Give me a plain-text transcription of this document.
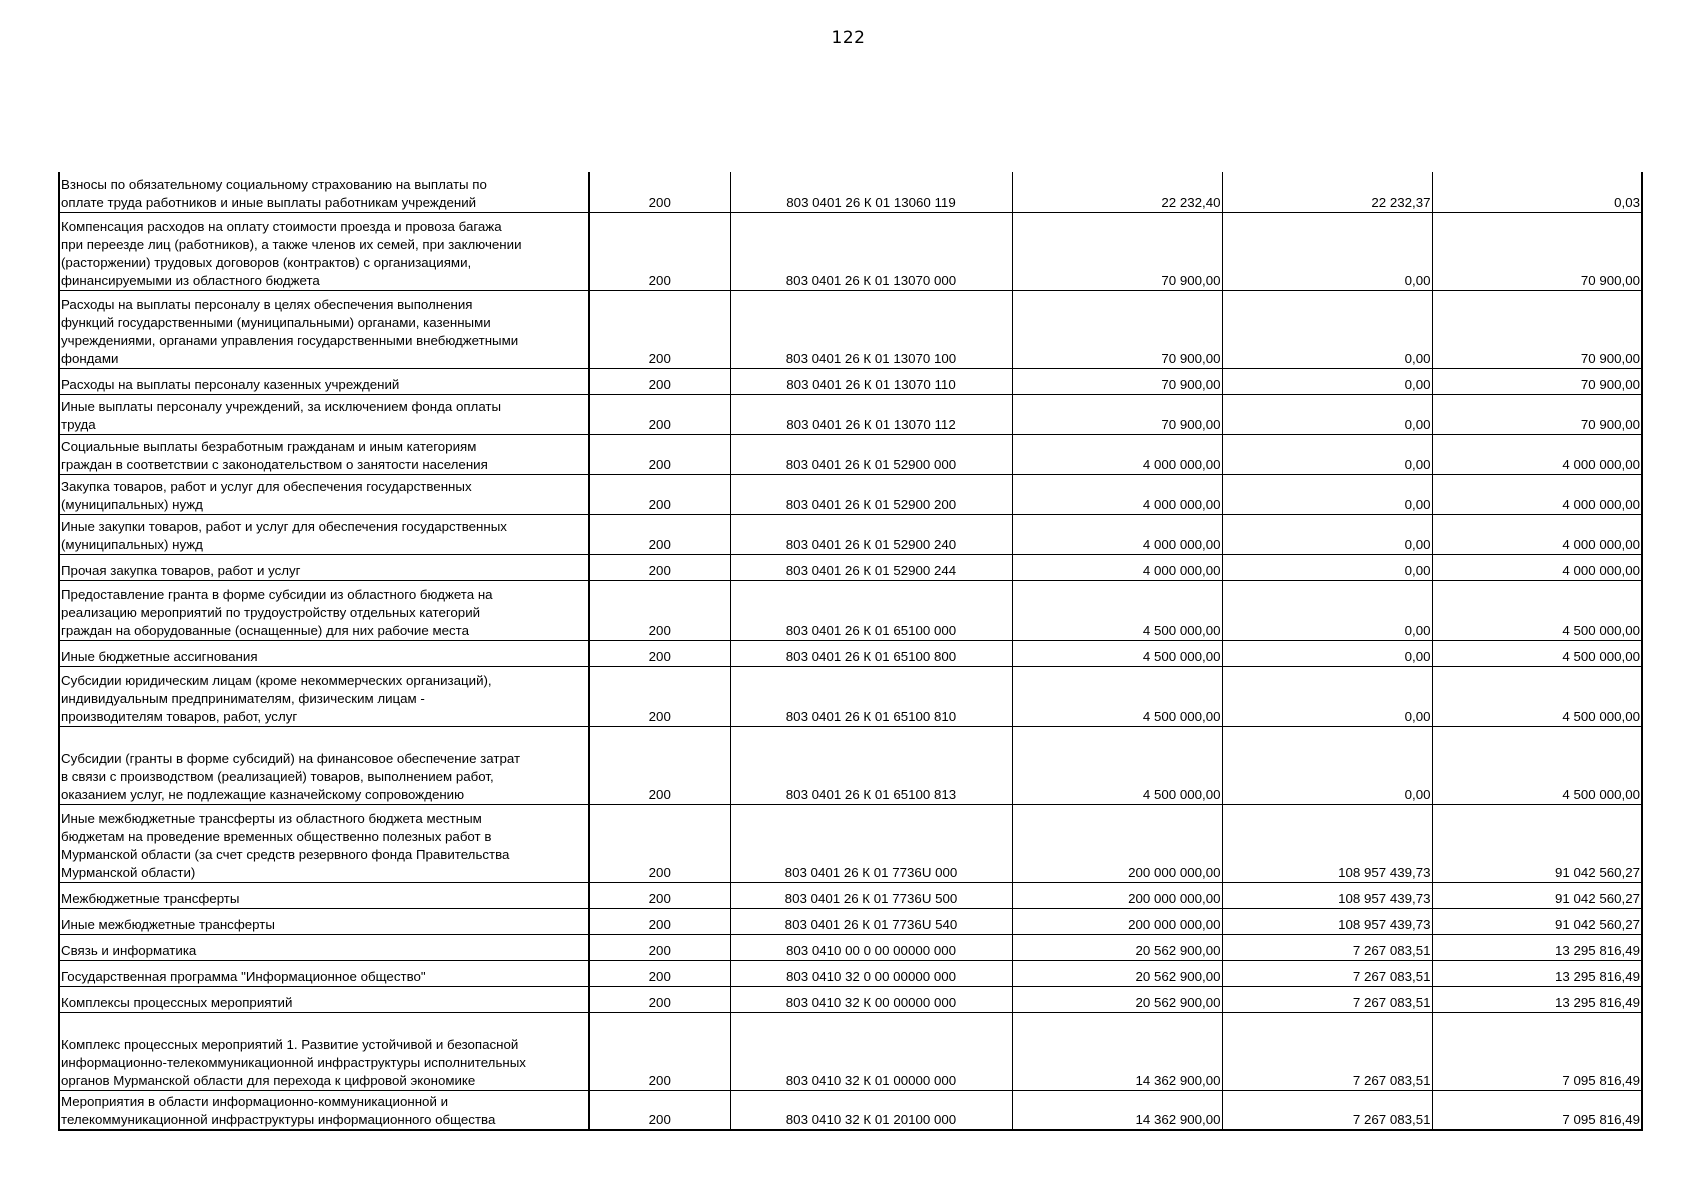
122
Взносы по обязательному социальному страхованию на выплаты по
оплате труда работников и иные выплаты работникам учреждений	200	803 0401 26 К 01 13060 119	22 232,40	22 232,37	0,03
Компенсация расходов на оплату стоимости проезда и провоза багажа
при переезде лиц (работников), а также членов их семей, при заключении
(расторжении) трудовых договоров (контрактов) с организациями,
финансируемыми из областного бюджета	200	803 0401 26 К 01 13070 000	70 900,00	0,00	70 900,00
Расходы на выплаты персоналу в целях обеспечения выполнения
функций государственными (муниципальными) органами, казенными
учреждениями, органами управления государственными внебюджетными
фондами	200	803 0401 26 К 01 13070 100	70 900,00	0,00	70 900,00
Расходы на выплаты персоналу казенных учреждений	200	803 0401 26 К 01 13070 110	70 900,00	0,00	70 900,00
Иные выплаты персоналу учреждений, за исключением фонда оплаты
труда	200	803 0401 26 К 01 13070 112	70 900,00	0,00	70 900,00
Социальные выплаты безработным гражданам и иным категориям
граждан в соответствии с законодательством о занятости населения	200	803 0401 26 К 01 52900 000	4 000 000,00	0,00	4 000 000,00
Закупка товаров, работ и услуг для обеспечения государственных
(муниципальных) нужд	200	803 0401 26 К 01 52900 200	4 000 000,00	0,00	4 000 000,00
Иные закупки товаров, работ и услуг для обеспечения государственных
(муниципальных) нужд	200	803 0401 26 К 01 52900 240	4 000 000,00	0,00	4 000 000,00
Прочая закупка товаров, работ и услуг	200	803 0401 26 К 01 52900 244	4 000 000,00	0,00	4 000 000,00
Предоставление гранта в форме субсидии из областного бюджета на
реализацию мероприятий по трудоустройству отдельных категорий
граждан на оборудованные (оснащенные) для них рабочие места	200	803 0401 26 К 01 65100 000	4 500 000,00	0,00	4 500 000,00
Иные бюджетные ассигнования	200	803 0401 26 К 01 65100 800	4 500 000,00	0,00	4 500 000,00
Субсидии юридическим лицам (кроме некоммерческих организаций),
индивидуальным предпринимателям, физическим лицам -
производителям товаров, работ, услуг	200	803 0401 26 К 01 65100 810	4 500 000,00	0,00	4 500 000,00
Субсидии (гранты в форме субсидий) на финансовое обеспечение затрат
в связи с производством (реализацией) товаров, выполнением работ,
оказанием услуг, не подлежащие казначейскому сопровождению	200	803 0401 26 К 01 65100 813	4 500 000,00	0,00	4 500 000,00
Иные межбюджетные трансферты из областного бюджета местным
бюджетам на проведение временных общественно полезных работ в
Мурманской области (за счет средств резервного фонда Правительства
Мурманской области)	200	803 0401 26 К 01 7736U 000	200 000 000,00	108 957 439,73	91 042 560,27
Межбюджетные трансферты	200	803 0401 26 К 01 7736U 500	200 000 000,00	108 957 439,73	91 042 560,27
Иные межбюджетные трансферты	200	803 0401 26 К 01 7736U 540	200 000 000,00	108 957 439,73	91 042 560,27
Связь и информатика	200	803 0410 00 0 00 00000 000	20 562 900,00	7 267 083,51	13 295 816,49
Государственная программа "Информационное общество"	200	803 0410 32 0 00 00000 000	20 562 900,00	7 267 083,51	13 295 816,49
Комплексы процессных мероприятий	200	803 0410 32 К 00 00000 000	20 562 900,00	7 267 083,51	13 295 816,49
Комплекс процессных мероприятий 1. Развитие устойчивой и безопасной
информационно-телекоммуникационной инфраструктуры исполнительных
органов Мурманской области для перехода к цифровой экономике	200	803 0410 32 К 01 00000 000	14 362 900,00	7 267 083,51	7 095 816,49
Мероприятия в области информационно-коммуникационной и
телекоммуникационной инфраструктуры информационного общества	200	803 0410 32 К 01 20100 000	14 362 900,00	7 267 083,51	7 095 816,49
